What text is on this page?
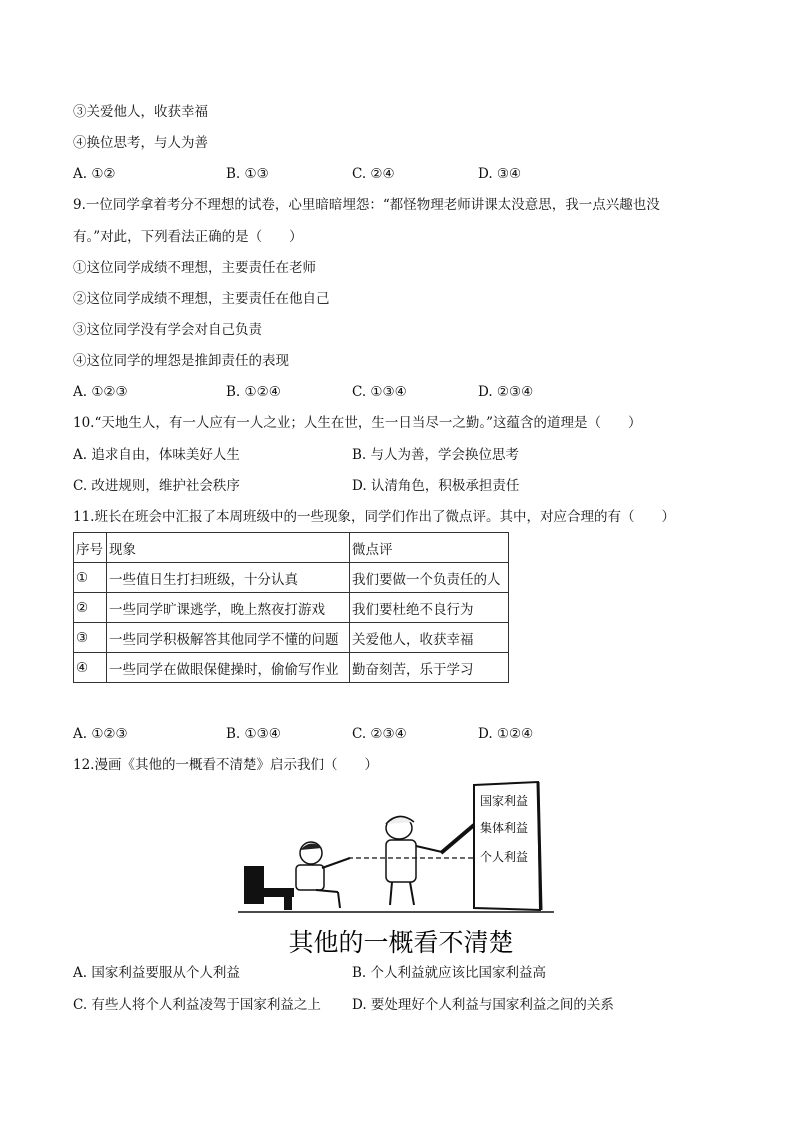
③关爱他人，收获幸福
④换位思考，与人为善
A. ①②	B. ①③	C. ②④	D. ③④
9.一位同学拿着考分不理想的试卷，心里暗暗埋怨：“都怪物理老师讲课太没意思，我一点兴趣也没
有。”对此，下列看法正确的是（　　）
①这位同学成绩不理想，主要责任在老师
②这位同学成绩不理想，主要责任在他自己
③这位同学没有学会对自己负责
④这位同学的埋怨是推卸责任的表现
A. ①②③	B. ①②④	C. ①③④	D. ②③④
10.“天地生人，有一人应有一人之业；人生在世，生一日当尽一之勤。”这蕴含的道理是（　　）
A. 追求自由，体味美好人生	B. 与人为善，学会换位思考
C. 改进规则，维护社会秩序	D. 认清角色，积极承担责任
11.班长在班会中汇报了本周班级中的一些现象，同学们作出了微点评。其中，对应合理的有（　　）
序号	现象	微点评
①	一些值日生打扫班级，十分认真	我们要做一个负责任的人
②	一些同学旷课逃学，晚上熬夜打游戏	我们要杜绝不良行为
③	一些同学积极解答其他同学不懂的问题	关爱他人，收获幸福
④	一些同学在做眼保健操时，偷偷写作业	勤奋刻苦，乐于学习
A. ①②③	B. ①③④	C. ②③④	D. ①②④
12.漫画《其他的一概看不清楚》启示我们（　　）
国家利益
集体利益
个人利益
其他的一概看不清楚
A. 国家利益要服从个人利益	B. 个人利益就应该比国家利益高
C. 有些人将个人利益凌驾于国家利益之上 D. 要处理好个人利益与国家利益之间的关系
